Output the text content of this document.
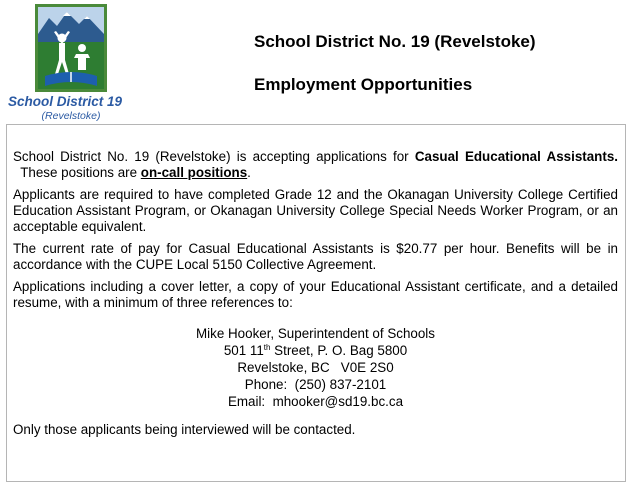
School District 19
(Revelstoke)
School District No. 19 (Revelstoke)
Employment Opportunities

School District No. 19 (Revelstoke) is accepting applications for Casual Educational Assistants.  These positions are on-call positions.

Applicants are required to have completed Grade 12 and the Okanagan University College Certified Education Assistant Program, or Okanagan University College Special Needs Worker Program, or an acceptable equivalent.

The current rate of pay for Casual Educational Assistants is $20.77 per hour. Benefits will be in accordance with the CUPE Local 5150 Collective Agreement.

Applications including a cover letter, a copy of your Educational Assistant certificate, and a detailed resume, with a minimum of three references to:

Mike Hooker, Superintendent of Schools
501 11th Street, P. O. Bag 5800
Revelstoke, BC   V0E 2S0
Phone:  (250) 837-2101
Email:  mhooker@sd19.bc.ca

Only those applicants being interviewed will be contacted.
